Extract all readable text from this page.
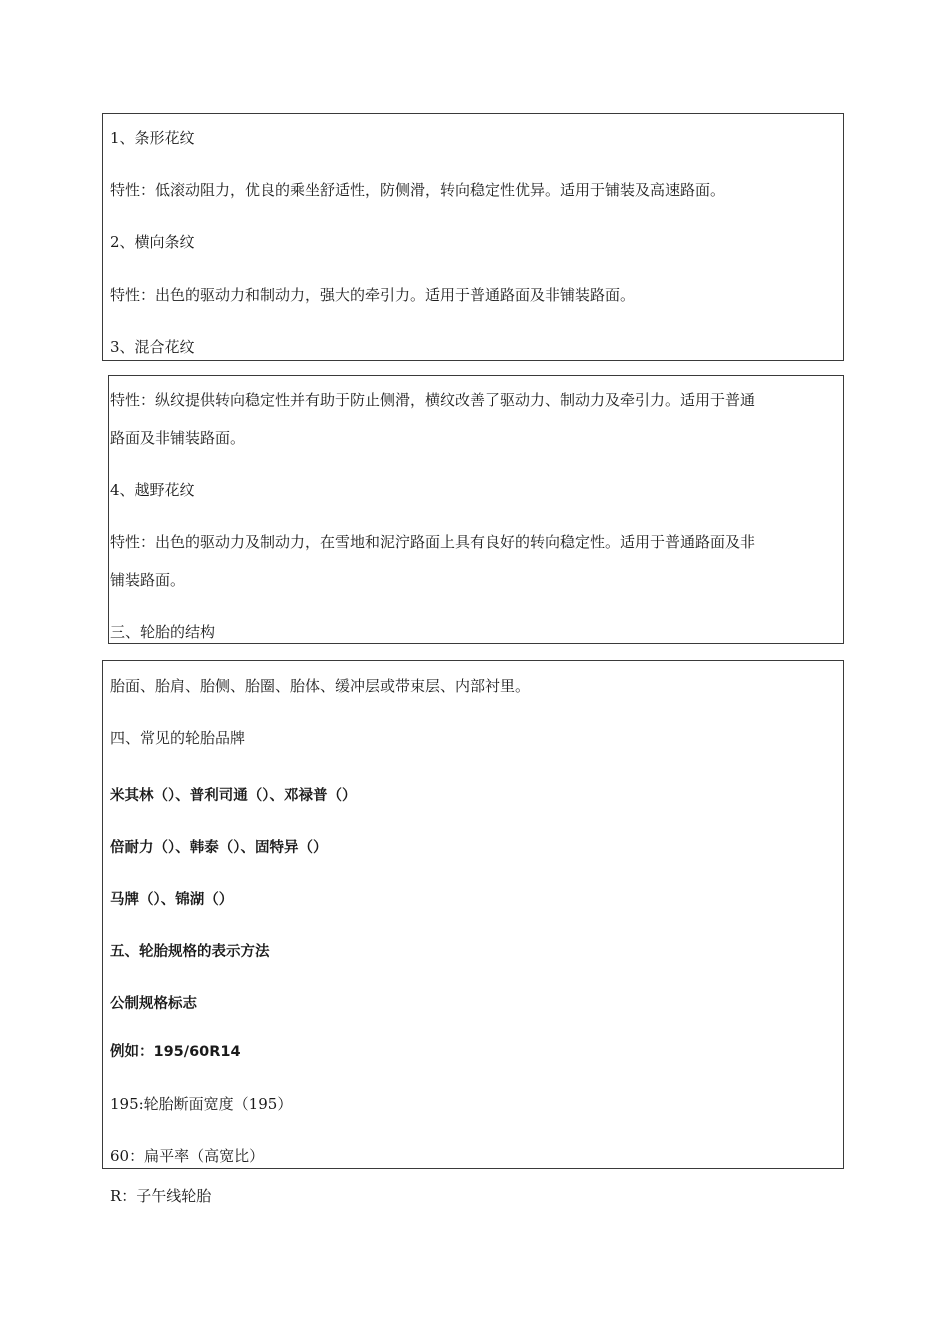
1、条形花纹
特性：低滚动阻力，优良的乘坐舒适性，防侧滑，转向稳定性优异。适用于铺装及高速路面。
2、横向条纹
特性：出色的驱动力和制动力，强大的牵引力。适用于普通路面及非铺装路面。
3、混合花纹
特性：纵纹提供转向稳定性并有助于防止侧滑，横纹改善了驱动力、制动力及牵引力。适用于普通
路面及非铺装路面。
4、越野花纹
特性：出色的驱动力及制动力，在雪地和泥泞路面上具有良好的转向稳定性。适用于普通路面及非
铺装路面。
三、轮胎的结构
胎面、胎肩、胎侧、胎圈、胎体、缓冲层或带束层、内部衬里。
四、常见的轮胎品牌
米其林（）、普利司通（）、邓禄普（）
倍耐力（）、韩泰（）、固特异（）
马牌（）、锦湖（）
五、轮胎规格的表示方法
公制规格标志
例如：195/60R14
195:轮胎断面宽度（195）
60：扁平率（高宽比）
R：子午线轮胎
